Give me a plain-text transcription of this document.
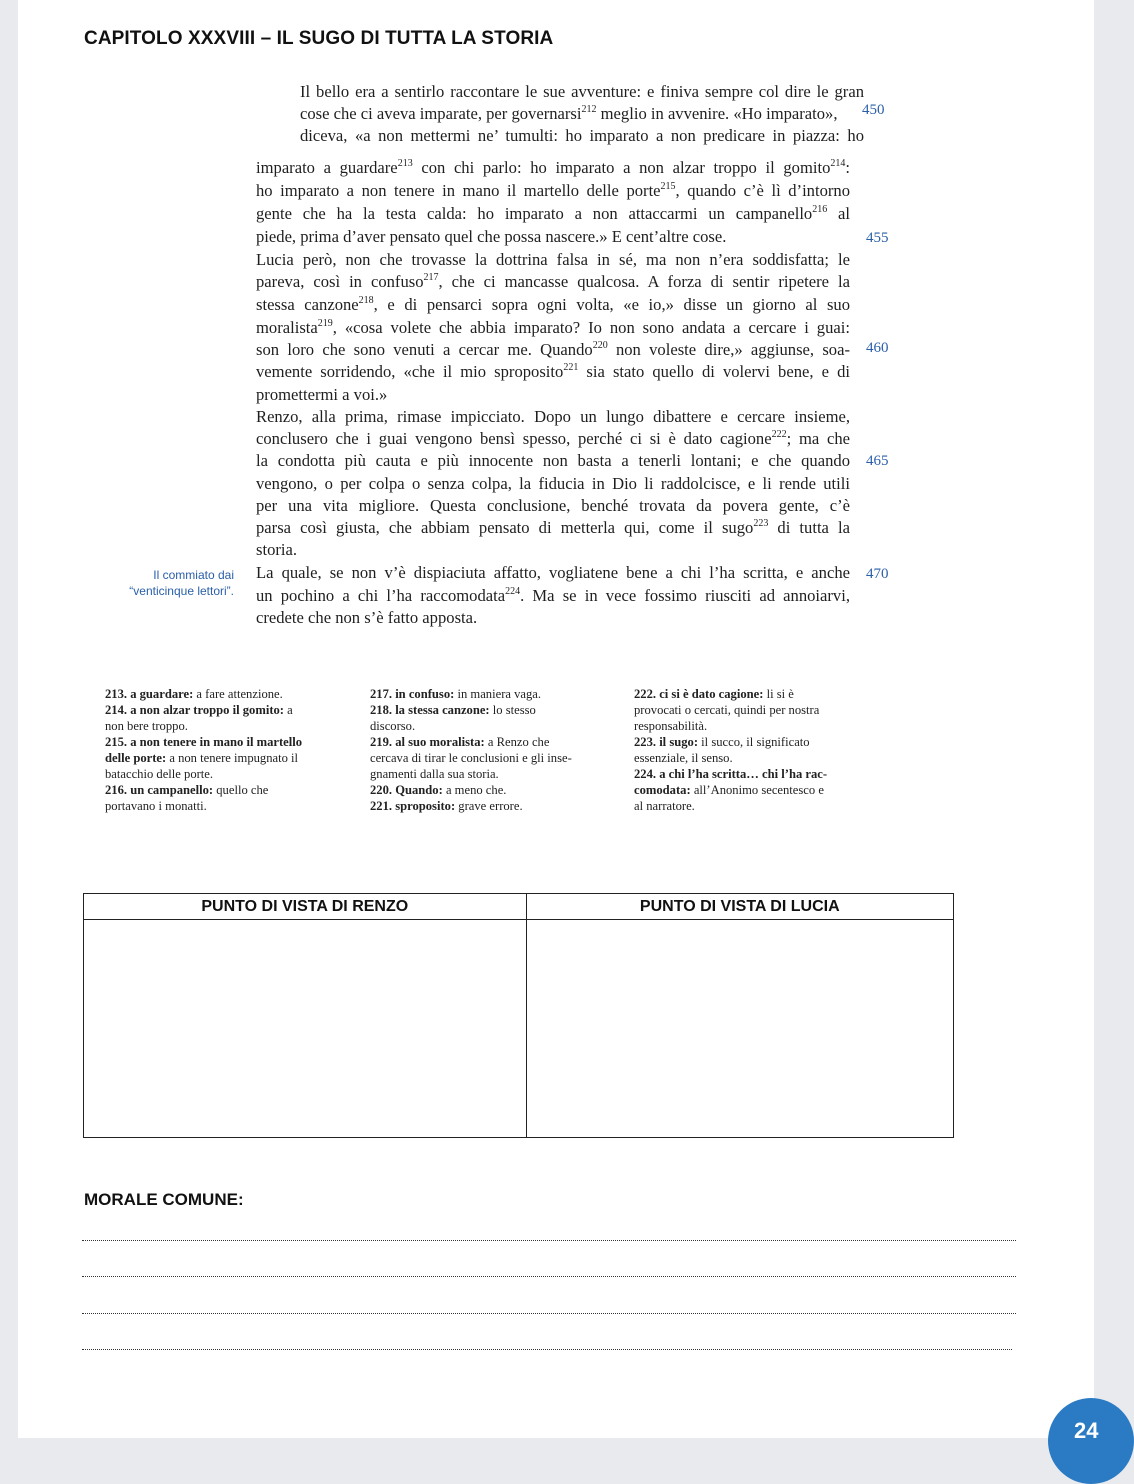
CAPITOLO XXXVIII – IL SUGO DI TUTTA LA STORIA
Il bello era a sentirlo raccontare le sue avventure: e finiva sempre col dire le gran
cose che ci aveva imparate, per governarsi$^{212}$ meglio in avvenire. «Ho imparato»,
diceva, «a non mettermi ne’ tumulti: ho imparato a non predicare in piazza: ho
imparato a guardare$^{213}$ con chi parlo: ho imparato a non alzar troppo il gomito$^{214}$:
ho imparato a non tenere in mano il martello delle porte$^{215}$, quando c’è lì d’intorno
gente che ha la testa calda: ho imparato a non attaccarmi un campanello$^{216}$ al
piede, prima d’aver pensato quel che possa nascere.» E cent’altre cose.
Lucia però, non che trovasse la dottrina falsa in sé, ma non n’era soddisfatta; le
pareva, così in confuso$^{217}$, che ci mancasse qualcosa. A forza di sentir ripetere la
stessa canzone$^{218}$, e di pensarci sopra ogni volta, «e io,» disse un giorno al suo
moralista$^{219}$, «cosa volete che abbia imparato? Io non sono andata a cercare i guai:
son loro che sono venuti a cercar me. Quando$^{220}$ non voleste dire,» aggiunse, soa-
vemente sorridendo, «che il mio sproposito$^{221}$ sia stato quello di volervi bene, e di
promettermi a voi.»
Renzo, alla prima, rimase impicciato. Dopo un lungo dibattere e cercare insieme,
conclusero che i guai vengono bensì spesso, perché ci si è dato cagione$^{222}$; ma che
la condotta più cauta e più innocente non basta a tenerli lontani; e che quando
vengono, o per colpa o senza colpa, la fiducia in Dio li raddolcisce, e li rende utili
per una vita migliore. Questa conclusione, benché trovata da povera gente, c’è
parsa così giusta, che abbiam pensato di metterla qui, come il sugo$^{223}$ di tutta la
storia.
La quale, se non v’è dispiaciuta affatto, vogliatene bene a chi l’ha scritta, e anche
un pochino a chi l’ha raccomodata$^{224}$. Ma se in vece fossimo riusciti ad annoiarvi,
credete che non s’è fatto apposta.
450
455
460
465
470
Il commiato dai “venticinque lettori”.
213. a guardare: a fare attenzione.
214. a non alzar troppo il gomito: a
non bere troppo.
215. a non tenere in mano il martello
delle porte: a non tenere impugnato il
batacchio delle porte.
216. un campanello: quello che
portavano i monatti.
217. in confuso: in maniera vaga.
218. la stessa canzone: lo stesso
discorso.
219. al suo moralista: a Renzo che
cercava di tirar le conclusioni e gli inse-
gnamenti dalla sua storia.
220. Quando: a meno che.
221. sproposito: grave errore.
222. ci si è dato cagione: li si è
provocati o cercati, quindi per nostra
responsabilità.
223. il sugo: il succo, il significato
essenziale, il senso.
224. a chi l’ha scritta… chi l’ha rac-
comodata: all’Anonimo secentesco e
al narratore.
PUNTO DI VISTA DI RENZO	PUNTO DI VISTA DI LUCIA

MORALE COMUNE:
24
